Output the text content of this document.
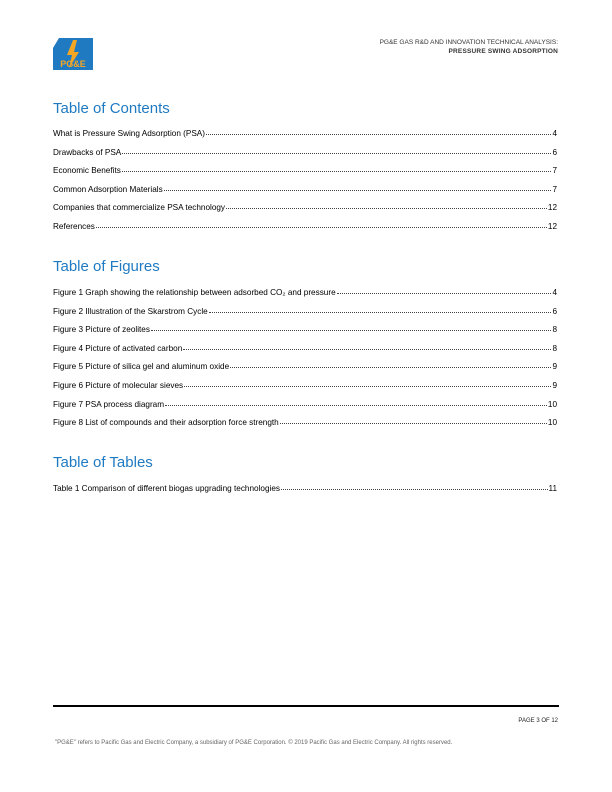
PG&E
PG&E GAS R&D AND INNOVATION TECHNICAL ANALYSIS:
PRESSURE SWING ADSORPTION
Table of Contents
What is Pressure Swing Adsorption (PSA)	4
Drawbacks of PSA	6
Economic Benefits	7
Common Adsorption Materials	7
Companies that commercialize PSA technology	12
References	12
Table of Figures
Figure 1 Graph showing the relationship between adsorbed CO₂ and pressure	4
Figure 2 Illustration of the Skarstrom Cycle	6
Figure 3 Picture of zeolites	8
Figure 4 Picture of activated carbon	8
Figure 5 Picture of silica gel and aluminum oxide	9
Figure 6 Picture of molecular sieves	9
Figure 7 PSA process diagram	10
Figure 8 List of compounds and their adsorption force strength	10
Table of Tables
Table 1 Comparison of different biogas upgrading technologies	11
PAGE 3 OF 12
"PG&E" refers to Pacific Gas and Electric Company, a subsidiary of PG&E Corporation. © 2019 Pacific Gas and Electric Company. All rights reserved.
